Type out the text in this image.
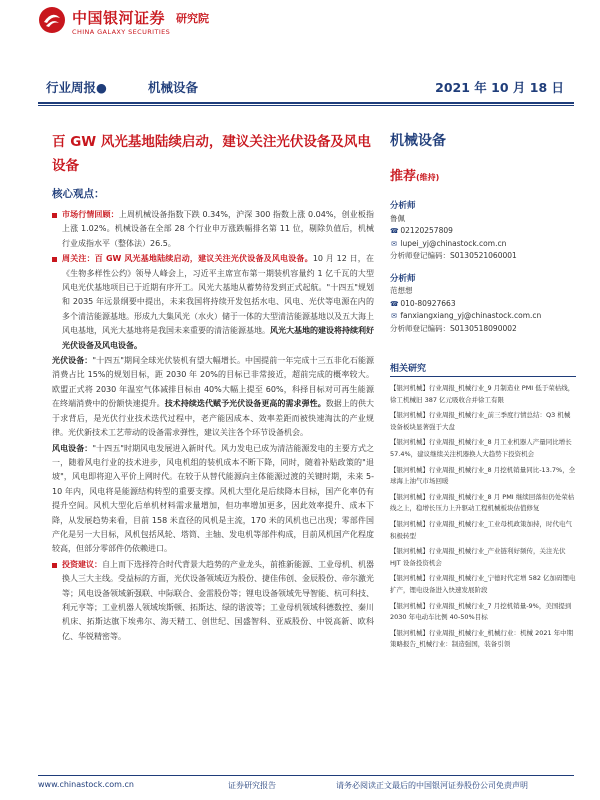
中国银河证券
CHINA GALAXY SECURITIES
研究院
行业周报●	机械设备	2021 年 10 月 18 日
百 GW 风光基地陆续启动，建议关注光伏设备及风电设备
核心观点：

市场行情回顾：上周机械设备指数下跌 0.34%，沪深 300 指数上涨 0.04%，创业板指上涨 1.02%。机械设备在全部 28 个行业申万涨跌幅排名第 11 位，剔除负值后，机械行业成指水平（整体法）26.5。

周关注：百 GW 风光基地陆续启动，建议关注光伏设备及风电设备。10 月 12 日，在《生物多样性公约》领导人峰会上，习近平主席宣布第一期装机容量约 1 亿千瓦的大型风电光伏基地项目已于近期有序开工。风光大基地从蓄势待发到正式起航。"十四五"规划和 2035 年远景纲要中提出，未来我国将持续开发包括水电、风电、光伏等电源在内的多个清洁能源基地。形成九大集风光（水火）储于一体的大型清洁能源基地以及五大海上风电基地，风光大基地将是我国未来重要的清洁能源基地。风光大基地的建设将持续利好光伏设备及风电设备。

光伏设备："十四五"期间全球光伏装机有望大幅增长。中国提前一年完成十三五非化石能源消费占比 15%的规划目标，距 2030 年 20%的目标已非常接近，超前完成的概率较大。欧盟正式将 2030 年温室气体减排目标由 40%大幅上提至 60%，科择目标对可再生能源在终端消费中的份额快速提升。技术持续迭代赋予光伏设备更高的需求弹性。数据上的供大于求背后，是光伏行业技术迭代过程中，老产能因成本、效率差距而被快速淘汰的产业规律。光伏新技术工艺带动的设备需求弹性，建议关注各个环节设备机会。

风电设备："十四五"时期风电发展进入新时代。风力发电已成为清洁能源发电的主要方式之一，随着风电行业的技术进步，风电机组的装机成本不断下降，同时，随着补贴政策的"退坡"，风电即将迎入平价上网时代。在较于从替代能源向主体能源过渡的关键时期，未来 5-10 年内，风电将是能源结构转型的重要支撑。风机大型化是后续降本目标，国产化率仍有提升空间。风机大型化后单机材料需求量增加，但功率增加更多，因此效率提升、成本下降，从发展趋势来看，目前 158 米直径的风机是主流，170 米的风机也已出现；零部件国产化是另一大目标，风机包括风轮、塔筒、主轴、发电机等部件构成，目前风机国产化程度较高，但部分零部件仍依赖进口。

投资建议：自上而下选择符合时代背景大趋势的产业龙头，前推新能源、工业母机、机器换人三大主线。受益标的方面，光伏设备领域迈为股份、捷佳伟创、金辰股份、帝尔激光等；风电设备领域新强联、中际联合、金雷股份等；锂电设备领域先导智能、杭可科技、利元亨等；工业机器人领域埃斯顿、拓斯达、绿的谐波等；工业母机领域科德数控、秦川机床、拓斯达旗下埃弗尔、海天精工、创世纪、国盛智科、亚威股份、中锐高新、欧科亿、华锐精密等。

机械设备
推荐(维持)
分析师
鲁佩
☎ 02120257809
✉ lupei_yj@chinastock.com.cn
分析师登记编码：S0130521060001
分析师
范想想
☎ 010-80927663
✉ fanxiangxiang_yj@chinastock.com.cn
分析师登记编码：S0130518090002
相关研究
【银河机械】行业周报_机械行业_9 月制造业 PMI 低于荣枯线，徐工机械旧 387 亿元吸收合并徐工有限
【银河机械】行业周报_机械行业_前三季度行情总结：Q3 机械设备板块显著强于大盘
【银河机械】行业周报_机械行业_8 月工业机器人产量同比增长 57.4%，建议继续关注机器换人大趋势下投资机会
【银河机械】行业周报_机械行业_8 月挖机销量同比-13.7%，全球海上油气市场回暖
【银河机械】行业周报_机械行业_8 月 PMI 继续回落但仍处荣枯线之上，稳增长压力上升驱动工程机械板块估值修复
【银河机械】行业周报_机械行业_工业母机政策加持，时代电气积极转型
【银河机械】行业周报_机械行业_产业链利好频传，关注光伏 HJT 设备投资机会
【银河机械】行业周报_机械行业_宁德时代定增 582 亿加码锂电扩产，锂电设备进入快速发展阶段
【银河机械】行业周报_机械行业_7 月挖机销量-9%，美国提到 2030 年电动车比例 40-50%目标
【银河机械】行业周报_机械行业_机械行业：机械 2021 年中期策略报告_机械行业：制造强国，装备引领
www.chinastock.com.cn	证券研究报告	请务必阅读正文最后的中国银河证券股份公司免责声明
